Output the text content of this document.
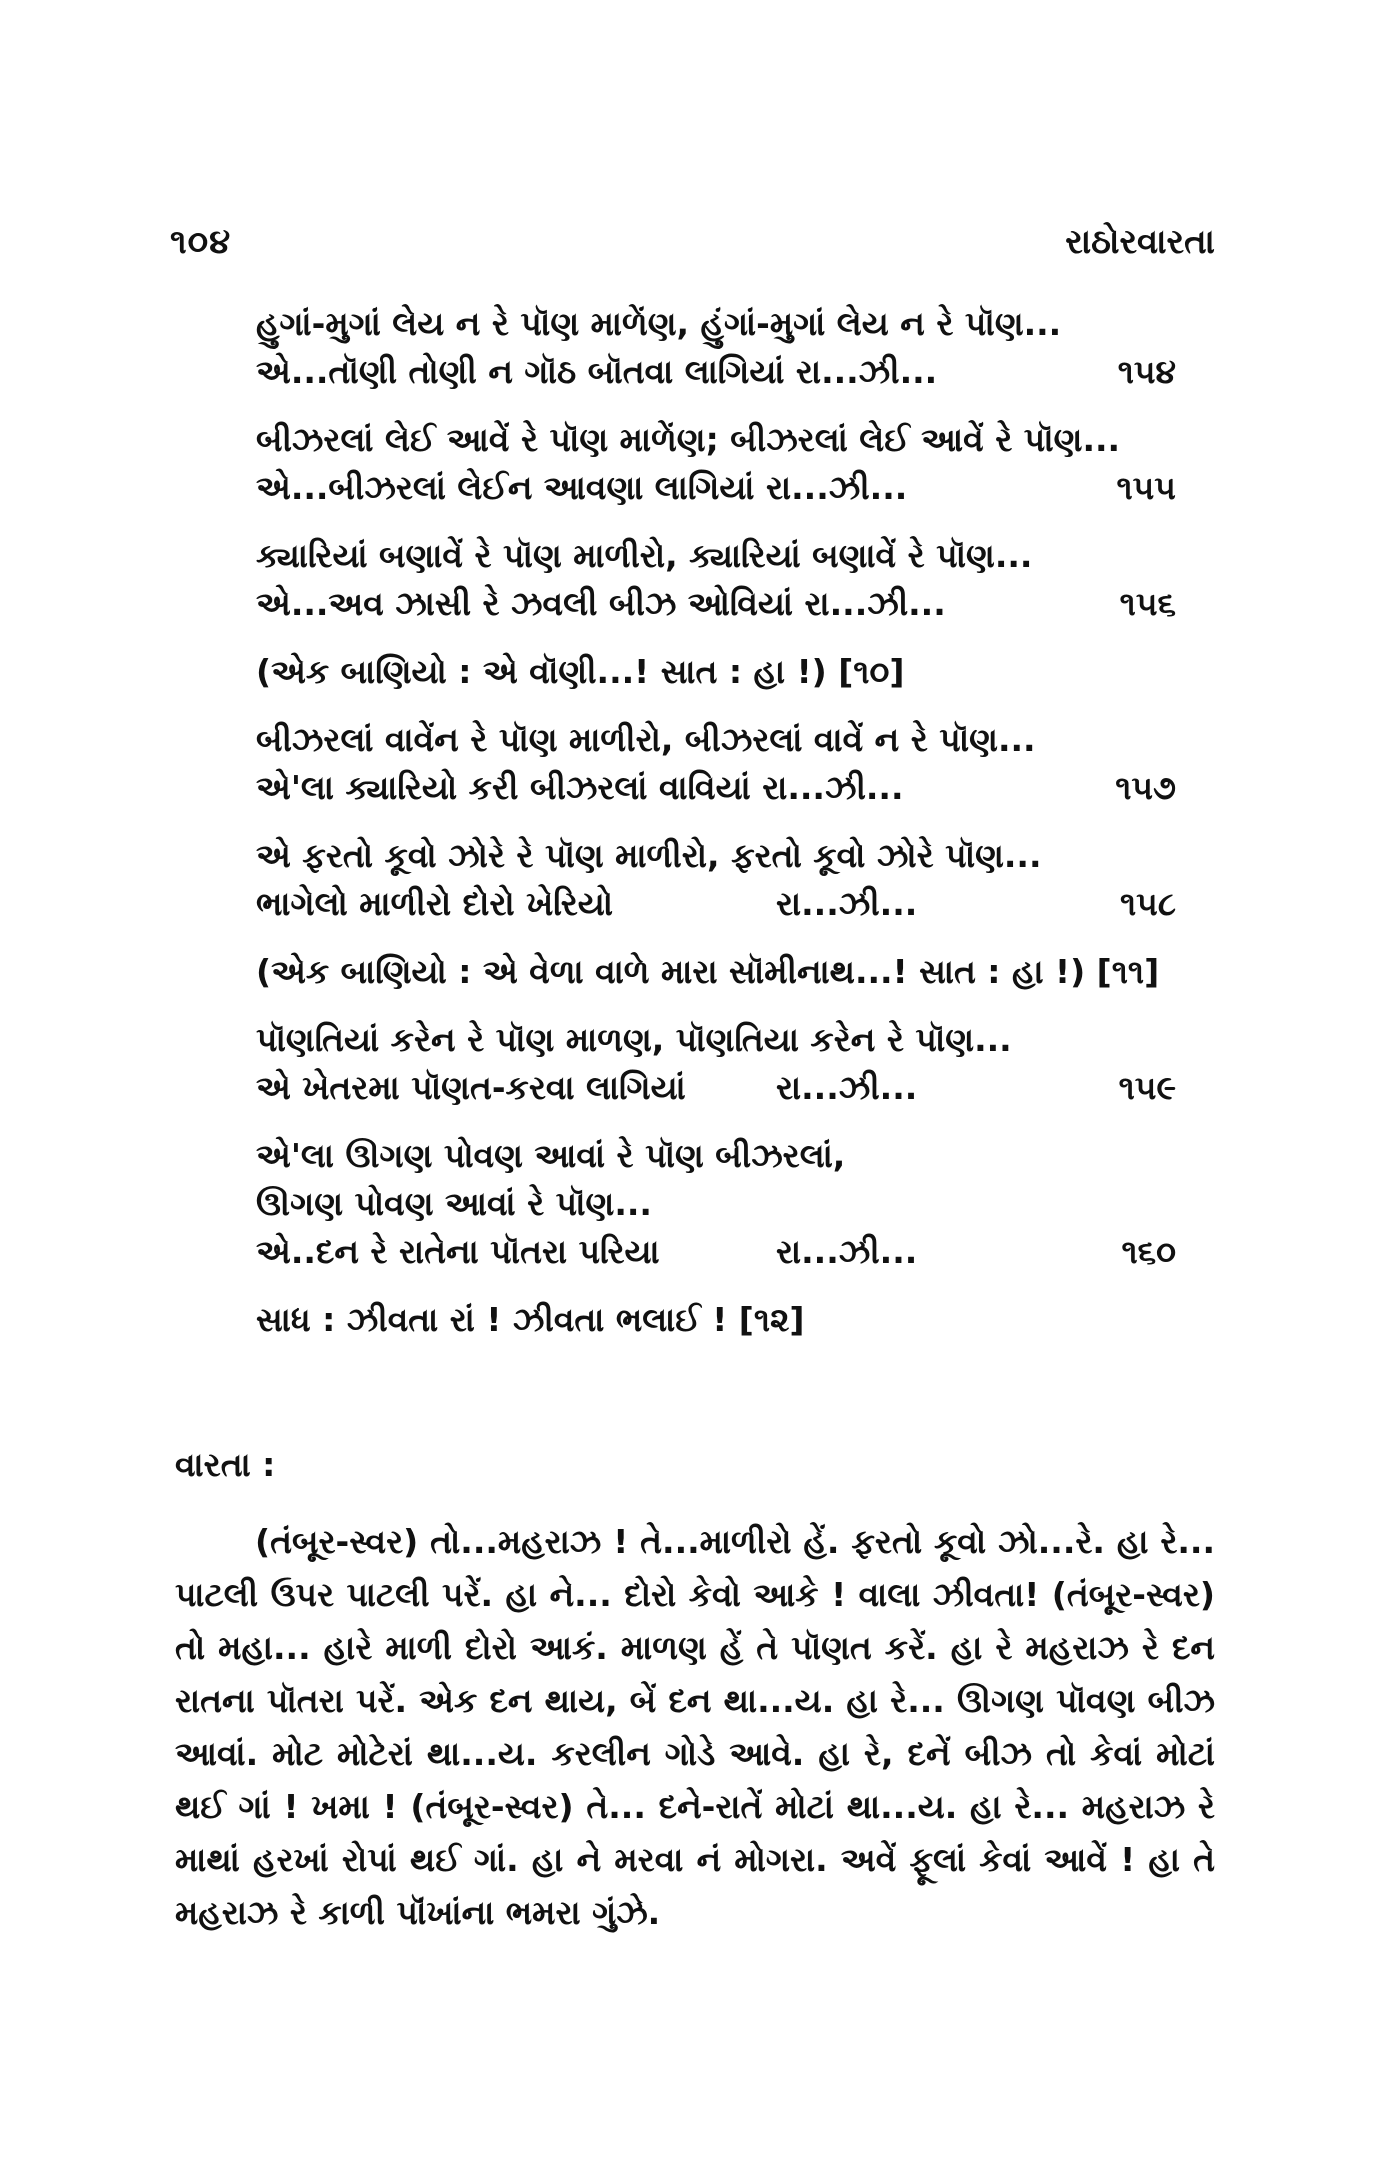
૧૦૪	રાઠોરવારતા
હુગાં-મુગાં લેય ન રે પૉણ માળેંણ, હુંગાં-મુગાં લેય ન રે પૉણ...
એ...તૉણી તોણી ન ગૉઠ બૉતવા લાગિયાં રા...ઝી...	૧૫૪
બીઝરલાં લેઈ આવેં રે પૉણ માળેંણ; બીઝરલાં લેઈ આવેં રે પૉણ...
એ...બીઝરલાં લેઈન આવણા લાગિયાં રા...ઝી...	૧૫૫
ક્યારિયાં બણાવેં રે પૉણ માળીરો, ક્યારિયાં બણાવેં રે પૉણ...
એ...અવ ઝાસી રે ઝવલી બીઝ ઓવિયાં રા...ઝી...	૧૫૬
(એક બાણિયો : એ વૉણી...! સાત : હા !) [૧૦]
બીઝરલાં વાવેંન રે પૉણ માળીરો, બીઝરલાં વાવેં ન રે પૉણ...
એ'લા ક્યારિયો કરી બીઝરલાં વાવિયાં રા...ઝી...	૧૫૭
એ ફરતો કૂવો ઝોરે રે પૉણ માળીરો, ફરતો કૂવો ઝોરે પૉણ...
ભાગેલો માળીરો દોરો ખેરિયો	રા...ઝી...	૧૫૮
(એક બાણિયો : એ વેળા વાળે મારા સૉમીનાથ...! સાત : હા !) [૧૧]
પૉણતિયાં કરેન રે પૉણ માળણ, પૉણતિયા કરેન રે પૉણ...
એ ખેતરમા પૉણત-કરવા લાગિયાં	રા...ઝી...	૧૫૯
એ'લા ઊગણ પોવણ આવાં રે પૉણ બીઝરલાં,
ઊગણ પોવણ આવાં રે પૉણ...
એ..દન રે રાતેના પૉતરા પરિયા	રા...ઝી...	૧૬૦
સાધ : ઝીવતા રાં ! ઝીવતા ભલાઈ ! [૧૨]
વારતા :
(તંબૂર-સ્વર) તો...મહરાઝ ! તે...માળીરો હેં. ફરતો કૂવો ઝો...રે. હા રે... પાટલી ઉપર પાટલી પરેં. હા ને... દોરો કેવો આકે ! વાલા ઝીવતા! (તંબૂર-સ્વર) તો મહા... હારે માળી દોરો આકં. માળણ હેં તે પૉણત કરેં. હા રે મહરાઝ રે દન રાતના પૉતરા પરેં. એક દન થાય, બેં દન થા...ય. હા રે... ઊગણ પૉવણ બીઝ આવાં. મોટ મોટેરાં થા...ય. કરલીન ગોડે આવે. હા રે, દનેં બીઝ તો કેવાં મોટાં થઈ ગાં ! ખમા ! (તંબૂર-સ્વર) તે... દને-રાતેં મોટાં થા...ય. હા રે... મહરાઝ રે માથાં હરખાં રોપાં થઈ ગાં. હા ને મરવા નં મોગરા. અવેં ફૂલાં કેવાં આવેં ! હા તે મહરાઝ રે કાળી પૉંખાંના ભમરા ગુંઝે.
